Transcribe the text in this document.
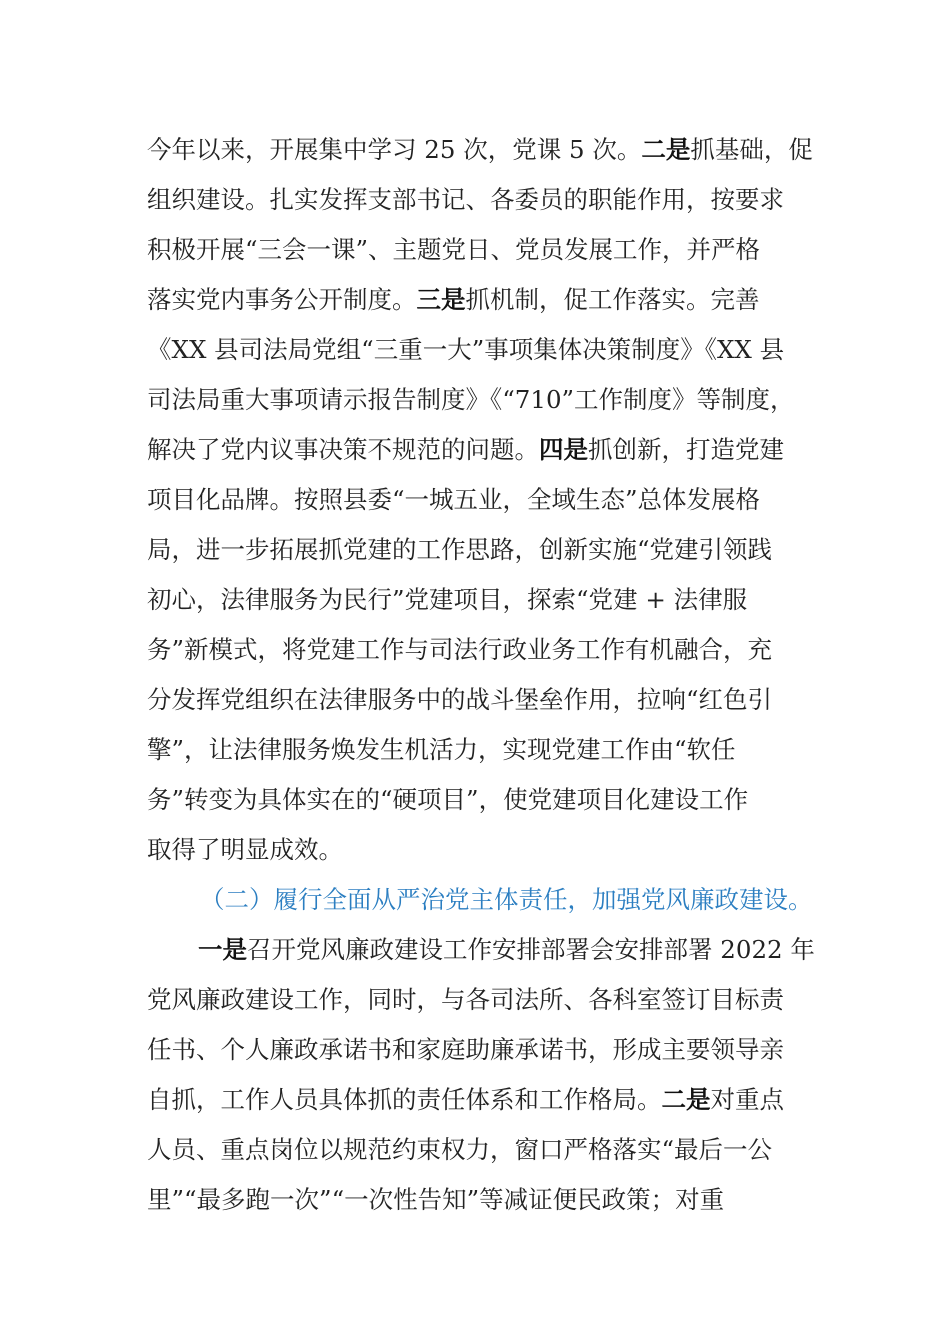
今年以来，开展集中学习 25 次，党课 5 次。二是抓基础，促
组织建设。扎实发挥支部书记、各委员的职能作用，按要求
积极开展“三会一课”、主题党日、党员发展工作，并严格
落实党内事务公开制度。三是抓机制，促工作落实。完善
《XX 县司法局党组“三重一大”事项集体决策制度》《XX 县
司法局重大事项请示报告制度》《“710”工作制度》等制度，
解决了党内议事决策不规范的问题。四是抓创新，打造党建
项目化品牌。按照县委“一城五业，全域生态”总体发展格
局，进一步拓展抓党建的工作思路，创新实施“党建引领践
初心，法律服务为民行”党建项目，探索“党建 + 法律服
务”新模式，将党建工作与司法行政业务工作有机融合，充
分发挥党组织在法律服务中的战斗堡垒作用，拉响“红色引
擎”，让法律服务焕发生机活力，实现党建工作由“软任
务”转变为具体实在的“硬项目”，使党建项目化建设工作
取得了明显成效。
（二）履行全面从严治党主体责任，加强党风廉政建设。
一是召开党风廉政建设工作安排部署会安排部署 2022 年
党风廉政建设工作，同时，与各司法所、各科室签订目标责
任书、个人廉政承诺书和家庭助廉承诺书，形成主要领导亲
自抓，工作人员具体抓的责任体系和工作格局。二是对重点
人员、重点岗位以规范约束权力，窗口严格落实“最后一公
里”“最多跑一次”“一次性告知”等减证便民政策；对重
